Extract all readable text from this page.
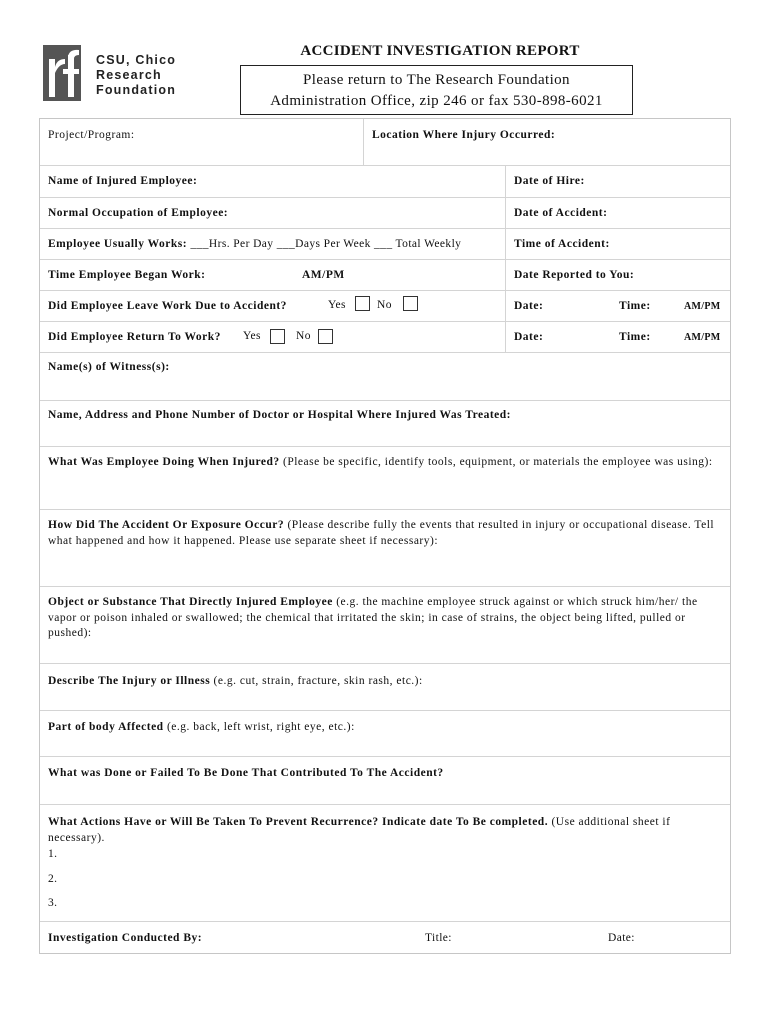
CSU, Chico
Research
Foundation
ACCIDENT INVESTIGATION REPORT
Please return to The Research Foundation
Administration Office, zip 246 or fax 530-898-6021
Project/Program:	Location Where Injury Occurred:
Name of Injured Employee:	Date of Hire:
Normal Occupation of Employee:	Date of Accident:
Employee Usually Works: ___Hrs. Per Day ___Days Per Week ___ Total Weekly	Time of Accident:
Time Employee Began Work:	AM/PM	Date Reported to You:
Did Employee Leave Work Due to Accident?	Yes	No	Date:	Time:	AM/PM
Did Employee Return To Work? Yes	No	Date:	Time:	AM/PM
Name(s) of Witness(s):
Name, Address and Phone Number of Doctor or Hospital Where Injured Was Treated:
What Was Employee Doing When Injured? (Please be specific, identify tools, equipment, or materials the employee was using):
How Did The Accident Or Exposure Occur? (Please describe fully the events that resulted in injury or occupational disease. Tell what happened and how it happened. Please use separate sheet if necessary):
Object or Substance That Directly Injured Employee (e.g. the machine employee struck against or which struck him/her/ the vapor or poison inhaled or swallowed; the chemical that irritated the skin; in case of strains, the object being lifted, pulled or pushed):
Describe The Injury or Illness (e.g. cut, strain, fracture, skin rash, etc.):
Part of body Affected (e.g. back, left wrist, right eye, etc.):
What was Done or Failed To Be Done That Contributed To The Accident?
What Actions Have or Will Be Taken To Prevent Recurrence? Indicate date To Be completed. (Use additional sheet if necessary).
1.
2.
3.
Investigation Conducted By:	Title:	Date:
